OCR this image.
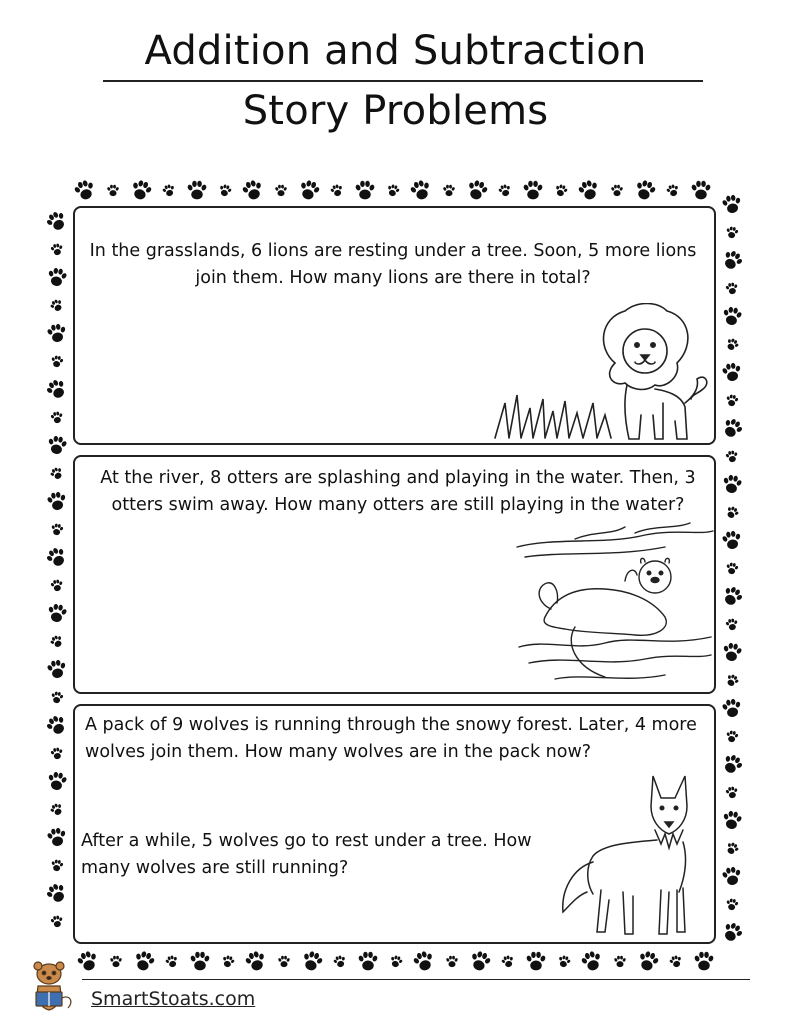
Addition and Subtraction
Story Problems
In the grasslands, 6 lions are resting under a tree. Soon, 5 more lions join them. How many lions are there in total?
At the river, 8 otters are splashing and playing in the water. Then, 3 otters swim away. How many otters are still playing in the water?
A pack of 9 wolves is running through the snowy forest. Later, 4 more wolves join them. How many wolves are in the pack now?
After a while, 5 wolves go to rest under a tree. How many wolves are still running?
SmartStoats.com
